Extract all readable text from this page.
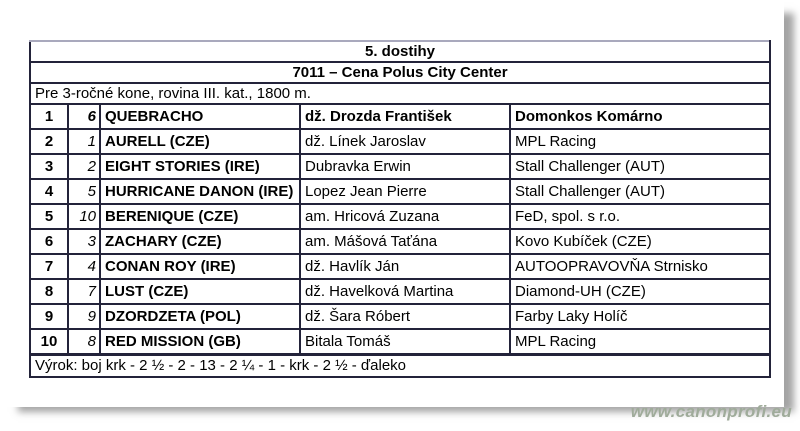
5. dostihy				
7011 – Cena Polus City Center				
Pre 3-ročné kone, rovina III. kat., 1800 m.				
1	6	QUEBRACHO	dž. Drozda František	Domonkos Komárno
2	1	AURELL (CZE)	dž. Línek Jaroslav	MPL Racing
3	2	EIGHT STORIES (IRE)	Dubravka Erwin	Stall Challenger (AUT)
4	5	HURRICANE DANON (IRE)	Lopez Jean Pierre	Stall Challenger (AUT)
5	10	BERENIQUE (CZE)	am. Hricová Zuzana	FeD, spol. s r.o.
6	3	ZACHARY (CZE)	am. Mášová Taťána	Kovo Kubíček (CZE)
7	4	CONAN ROY (IRE)	dž. Havlík Ján	AUTOOPRAVOVŇA Strnisko
8	7	LUST (CZE)	dž. Havelková Martina	Diamond-UH (CZE)
9	9	DZORDZETA (POL)	dž. Šara Róbert	Farby Laky Holíč
10	8	RED MISSION (GB)	Bitala Tomáš	MPL Racing
Výrok: boj krk - 2 ½ - 2 - 13 - 2 ¼ - 1 - krk - 2 ½ - ďaleko				
www.canonprofi.eu
